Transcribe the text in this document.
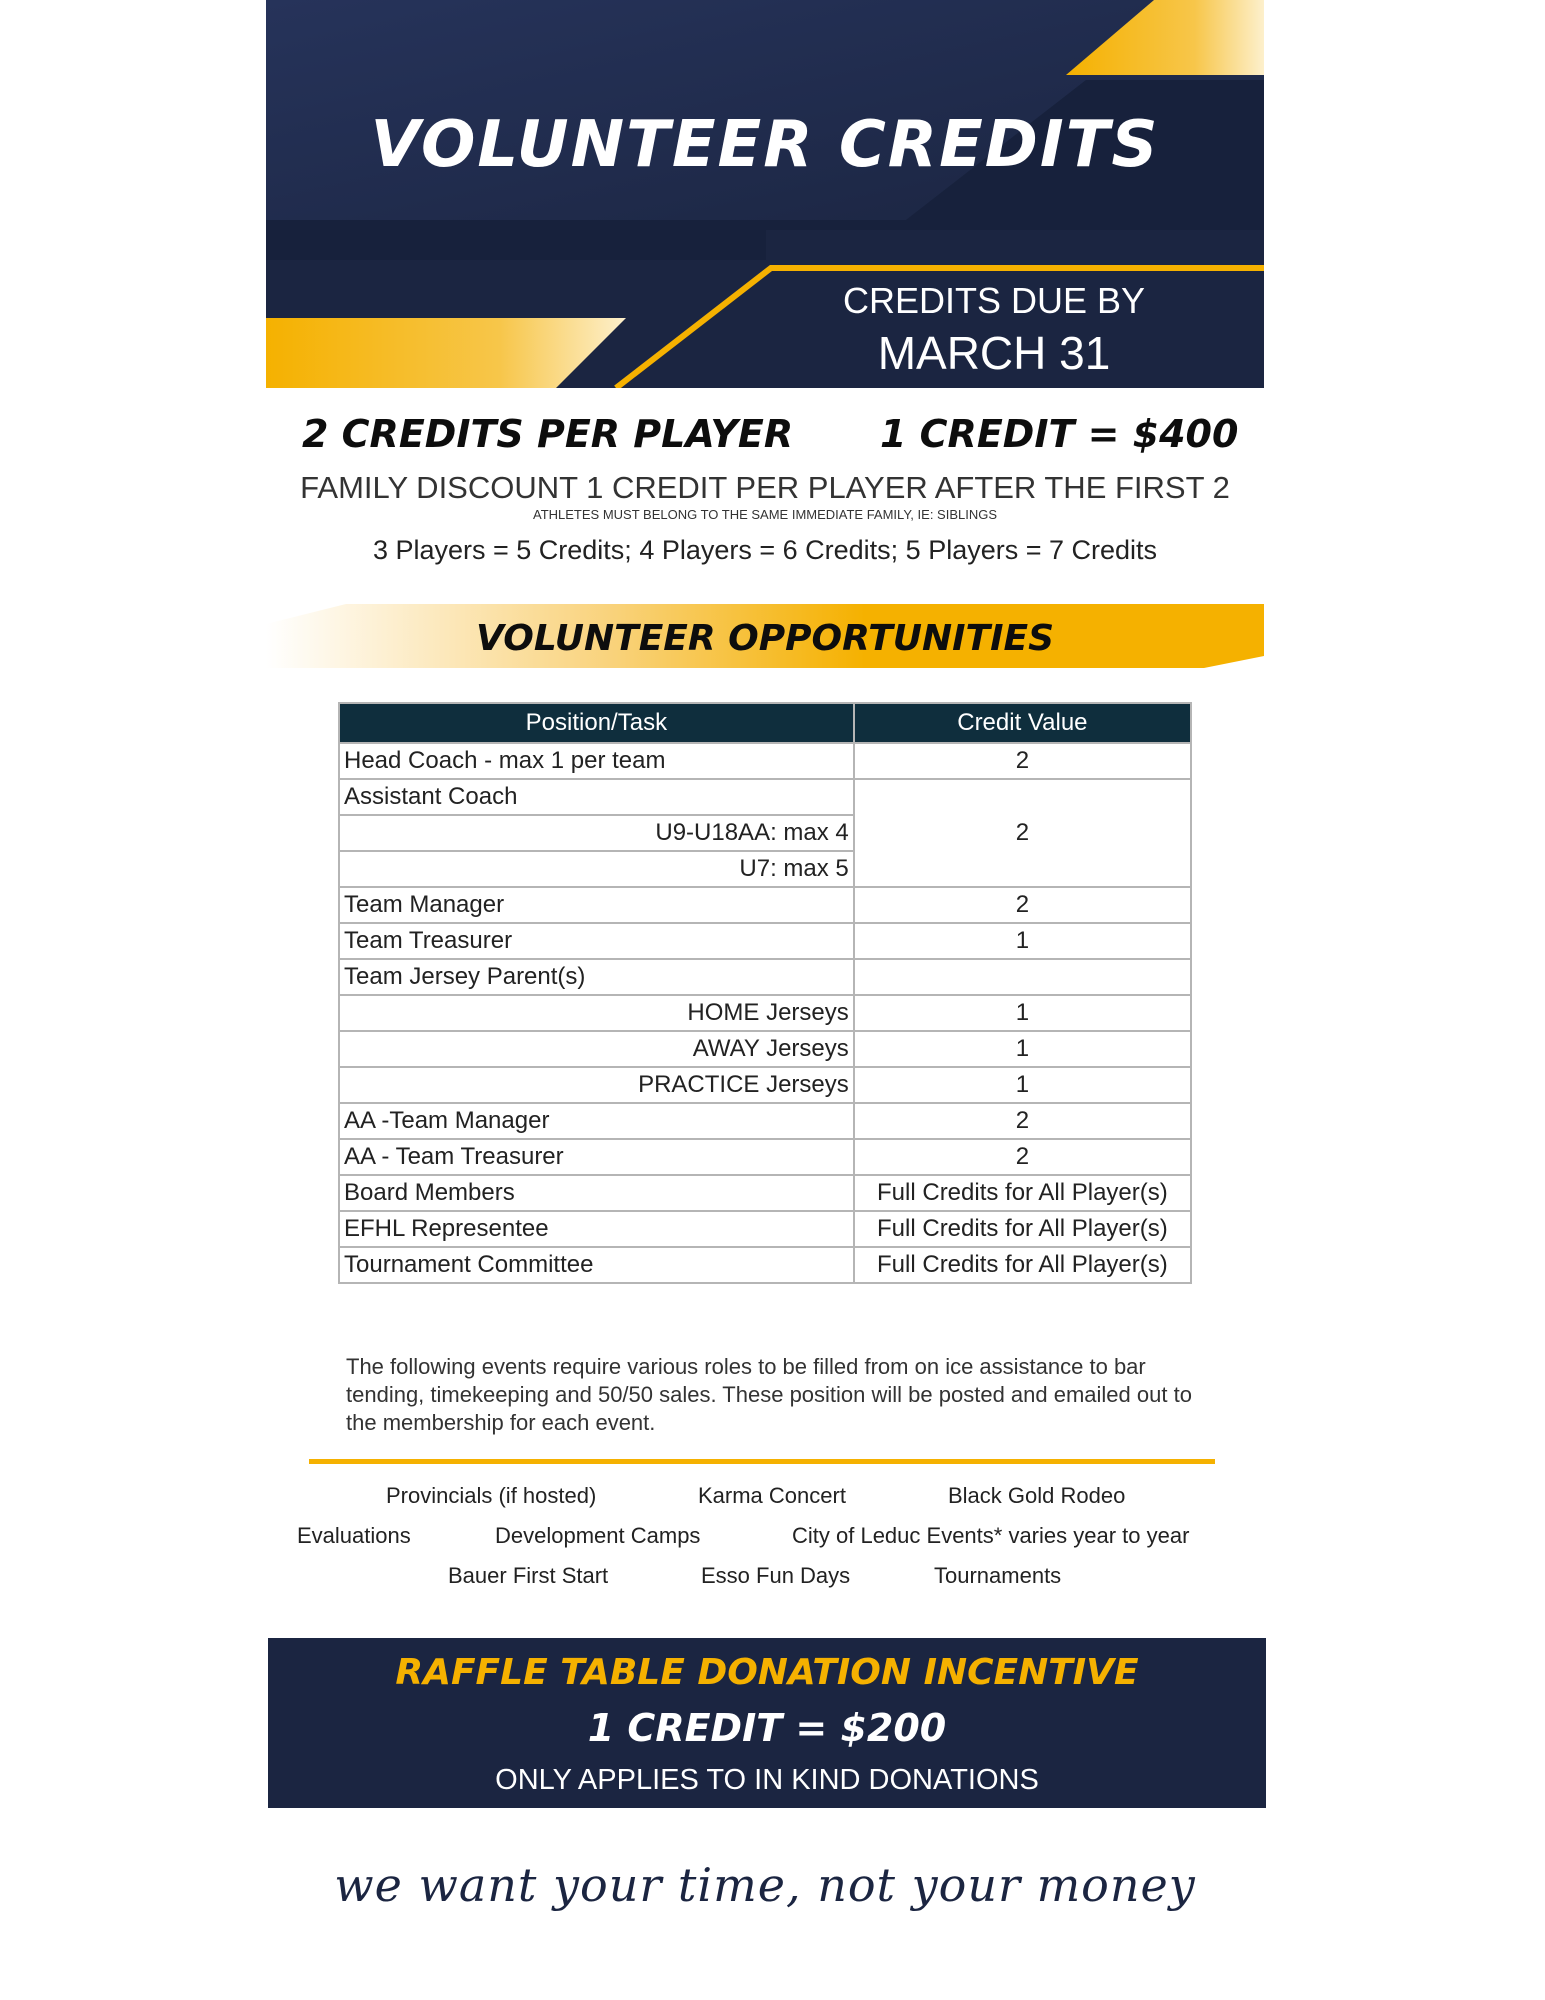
VOLUNTEER CREDITS
CREDITS DUE BY
MARCH 31
2 CREDITS PER PLAYER 1 CREDIT = $400
FAMILY DISCOUNT 1 CREDIT PER PLAYER AFTER THE FIRST 2
ATHLETES MUST BELONG TO THE SAME IMMEDIATE FAMILY, IE: SIBLINGS
3 Players = 5 Credits; 4 Players = 6 Credits; 5 Players = 7 Credits
VOLUNTEER OPPORTUNITIES
Position/Task	Credit Value
Head Coach - max 1 per team	2
Assistant Coach	2
U9-U18AA: max 4	
U7: max 5	
Team Manager	2
Team Treasurer	1
Team Jersey Parent(s)	
HOME Jerseys	1
AWAY Jerseys	1
PRACTICE Jerseys	1
AA -Team Manager	2
AA - Team Treasurer	2
Board Members	Full Credits for All Player(s)
EFHL Representee	Full Credits for All Player(s)
Tournament Committee	Full Credits for All Player(s)
The following events require various roles to be filled from on ice assistance to bar tending, timekeeping and 50/50 sales. These position will be posted and emailed out to the membership for each event.
Provincials (if hosted)	Karma Concert	Black Gold Rodeo
Evaluations	Development Camps	City of Leduc Events* varies year to year
Bauer First Start	Esso Fun Days	Tournaments
RAFFLE TABLE DONATION INCENTIVE
1 CREDIT = $200
ONLY APPLIES TO IN KIND DONATIONS
we want your time, not your money
